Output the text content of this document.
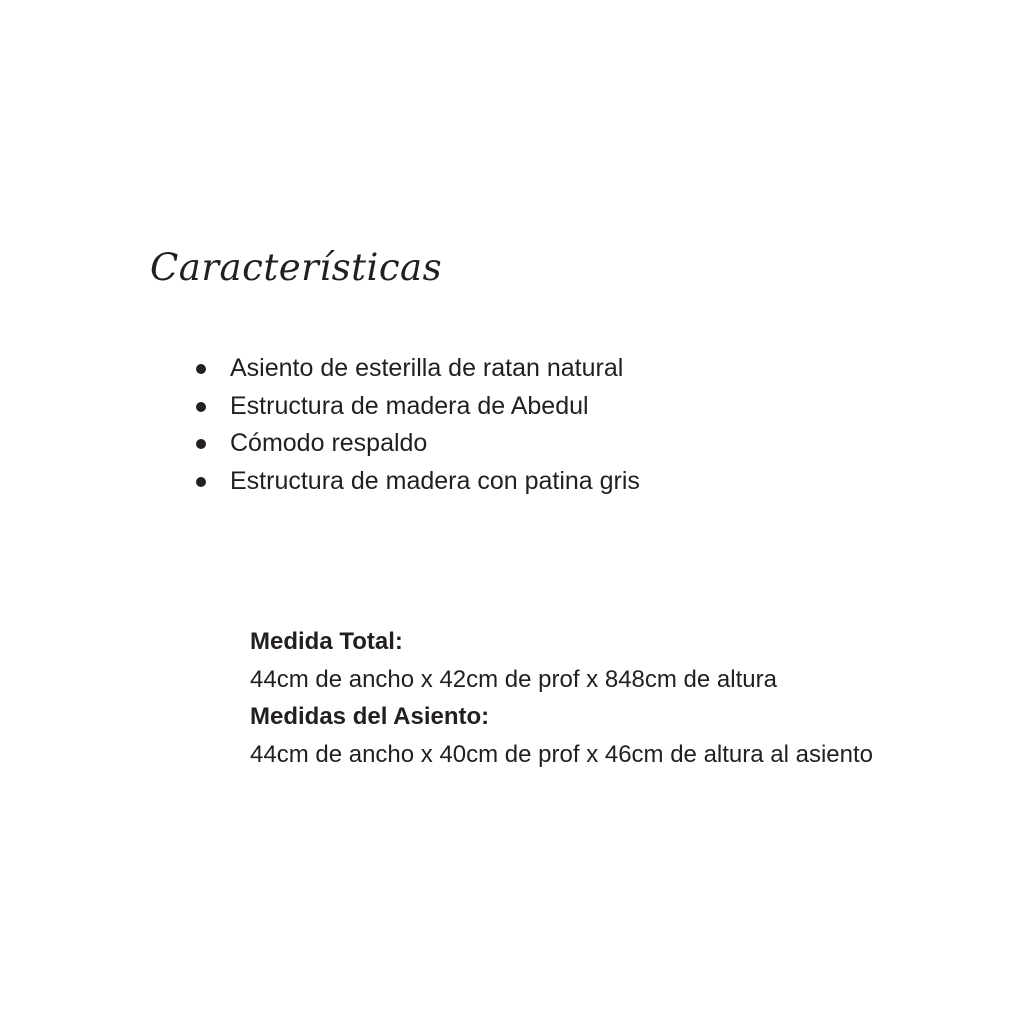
Características
Asiento de esterilla de ratan natural
Estructura de madera de Abedul
Cómodo respaldo
Estructura de madera con patina gris
Medida Total:
44cm de ancho x 42cm de prof x 848cm de altura
Medidas del Asiento:
44cm de ancho x 40cm de prof x 46cm de altura al asiento
